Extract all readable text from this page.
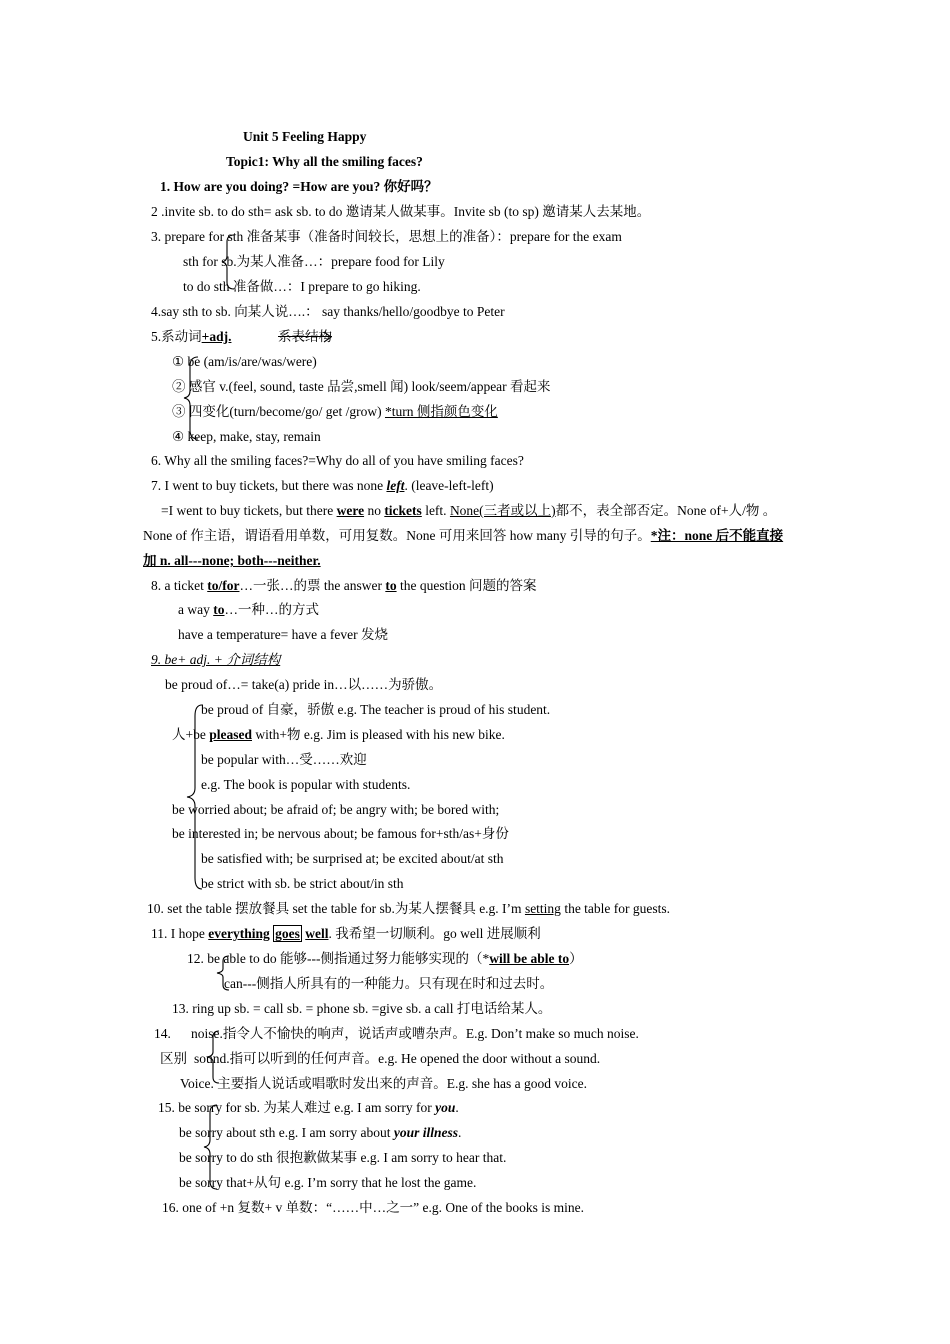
Unit 5 Feeling Happy
Topic1: Why all the smiling faces?
1. How are you doing? =How are you? 你好吗？
2 .invite sb. to do sth= ask sb. to do 邀请某人做某事。Invite sb (to sp) 邀请某人去某地。
3. prepare for sth 准备某事（准备时间较长，思想上的准备）：prepare for the exam
sth for sb.为某人准备…：prepare food for Lily
to do sth 准备做…：I prepare to go hiking.
4.say sth to sb. 向某人说….： say thanks/hello/goodbye to Peter
5.系动词+adj.	系表结构
① be (am/is/are/was/were)
② 感官 v.(feel, sound, taste 品尝,smell 闻) look/seem/appear 看起来
③ 四变化(turn/become/go/ get /grow) *turn 侧指颜色变化
④ keep, make, stay, remain
6. Why all the smiling faces?=Why do all of you have smiling faces?
7. I went to buy tickets, but there was none left. (leave-left-left)
=I went to buy tickets, but there were no tickets left. None(三者或以上)都不，表全部否定。None of+人/物 。
None of 作主语，谓语看用单数，可用复数。None 可用来回答 how many 引导的句子。*注：none 后不能直接
加 n. all---none; both---neither.
8. a ticket to/for…一张…的票 the answer to the question 问题的答案
a way to…一种…的方式
have a temperature= have a fever 发烧
9. be+ adj. + 介词结构
be proud of…= take(a) pride in…以……为骄傲。
be proud of 自豪，骄傲 e.g. The teacher is proud of his student.
人+be pleased with+物 e.g. Jim is pleased with his new bike.
be popular with…受……欢迎
e.g. The book is popular with students.
be worried about; be afraid of; be angry with; be bored with;
be interested in; be nervous about; be famous for+sth/as+身份
be satisfied with; be surprised at; be excited about/at sth
be strict with sb. be strict about/in sth
10. set the table 摆放餐具 set the table for sb.为某人摆餐具 e.g. I’m setting the table for guests.
11. I hope everything goes well. 我希望一切顺利。go well 进展顺利
12. be able to do 能够---侧指通过努力能够实现的（*will be able to）
can---侧指人所具有的一种能力。只有现在时和过去时。
13. ring up sb. = call sb. = phone sb. =give sb. a call 打电话给某人。
14. noise.指令人不愉快的响声，说话声或嘈杂声。E.g. Don’t make so much noise.
区别 sound.指可以听到的任何声音。e.g. He opened the door without a sound.
Voice. 主要指人说话或唱歌时发出来的声音。E.g. she has a good voice.
15. be sorry for sb. 为某人难过 e.g. I am sorry for you.
be sorry about sth e.g. I am sorry about your illness.
be sorry to do sth 很抱歉做某事 e.g. I am sorry to hear that.
be sorry that+从句 e.g. I’m sorry that he lost the game.
16. one of +n 复数+ v 单数：“……中…之一” e.g. One of the books is mine.
